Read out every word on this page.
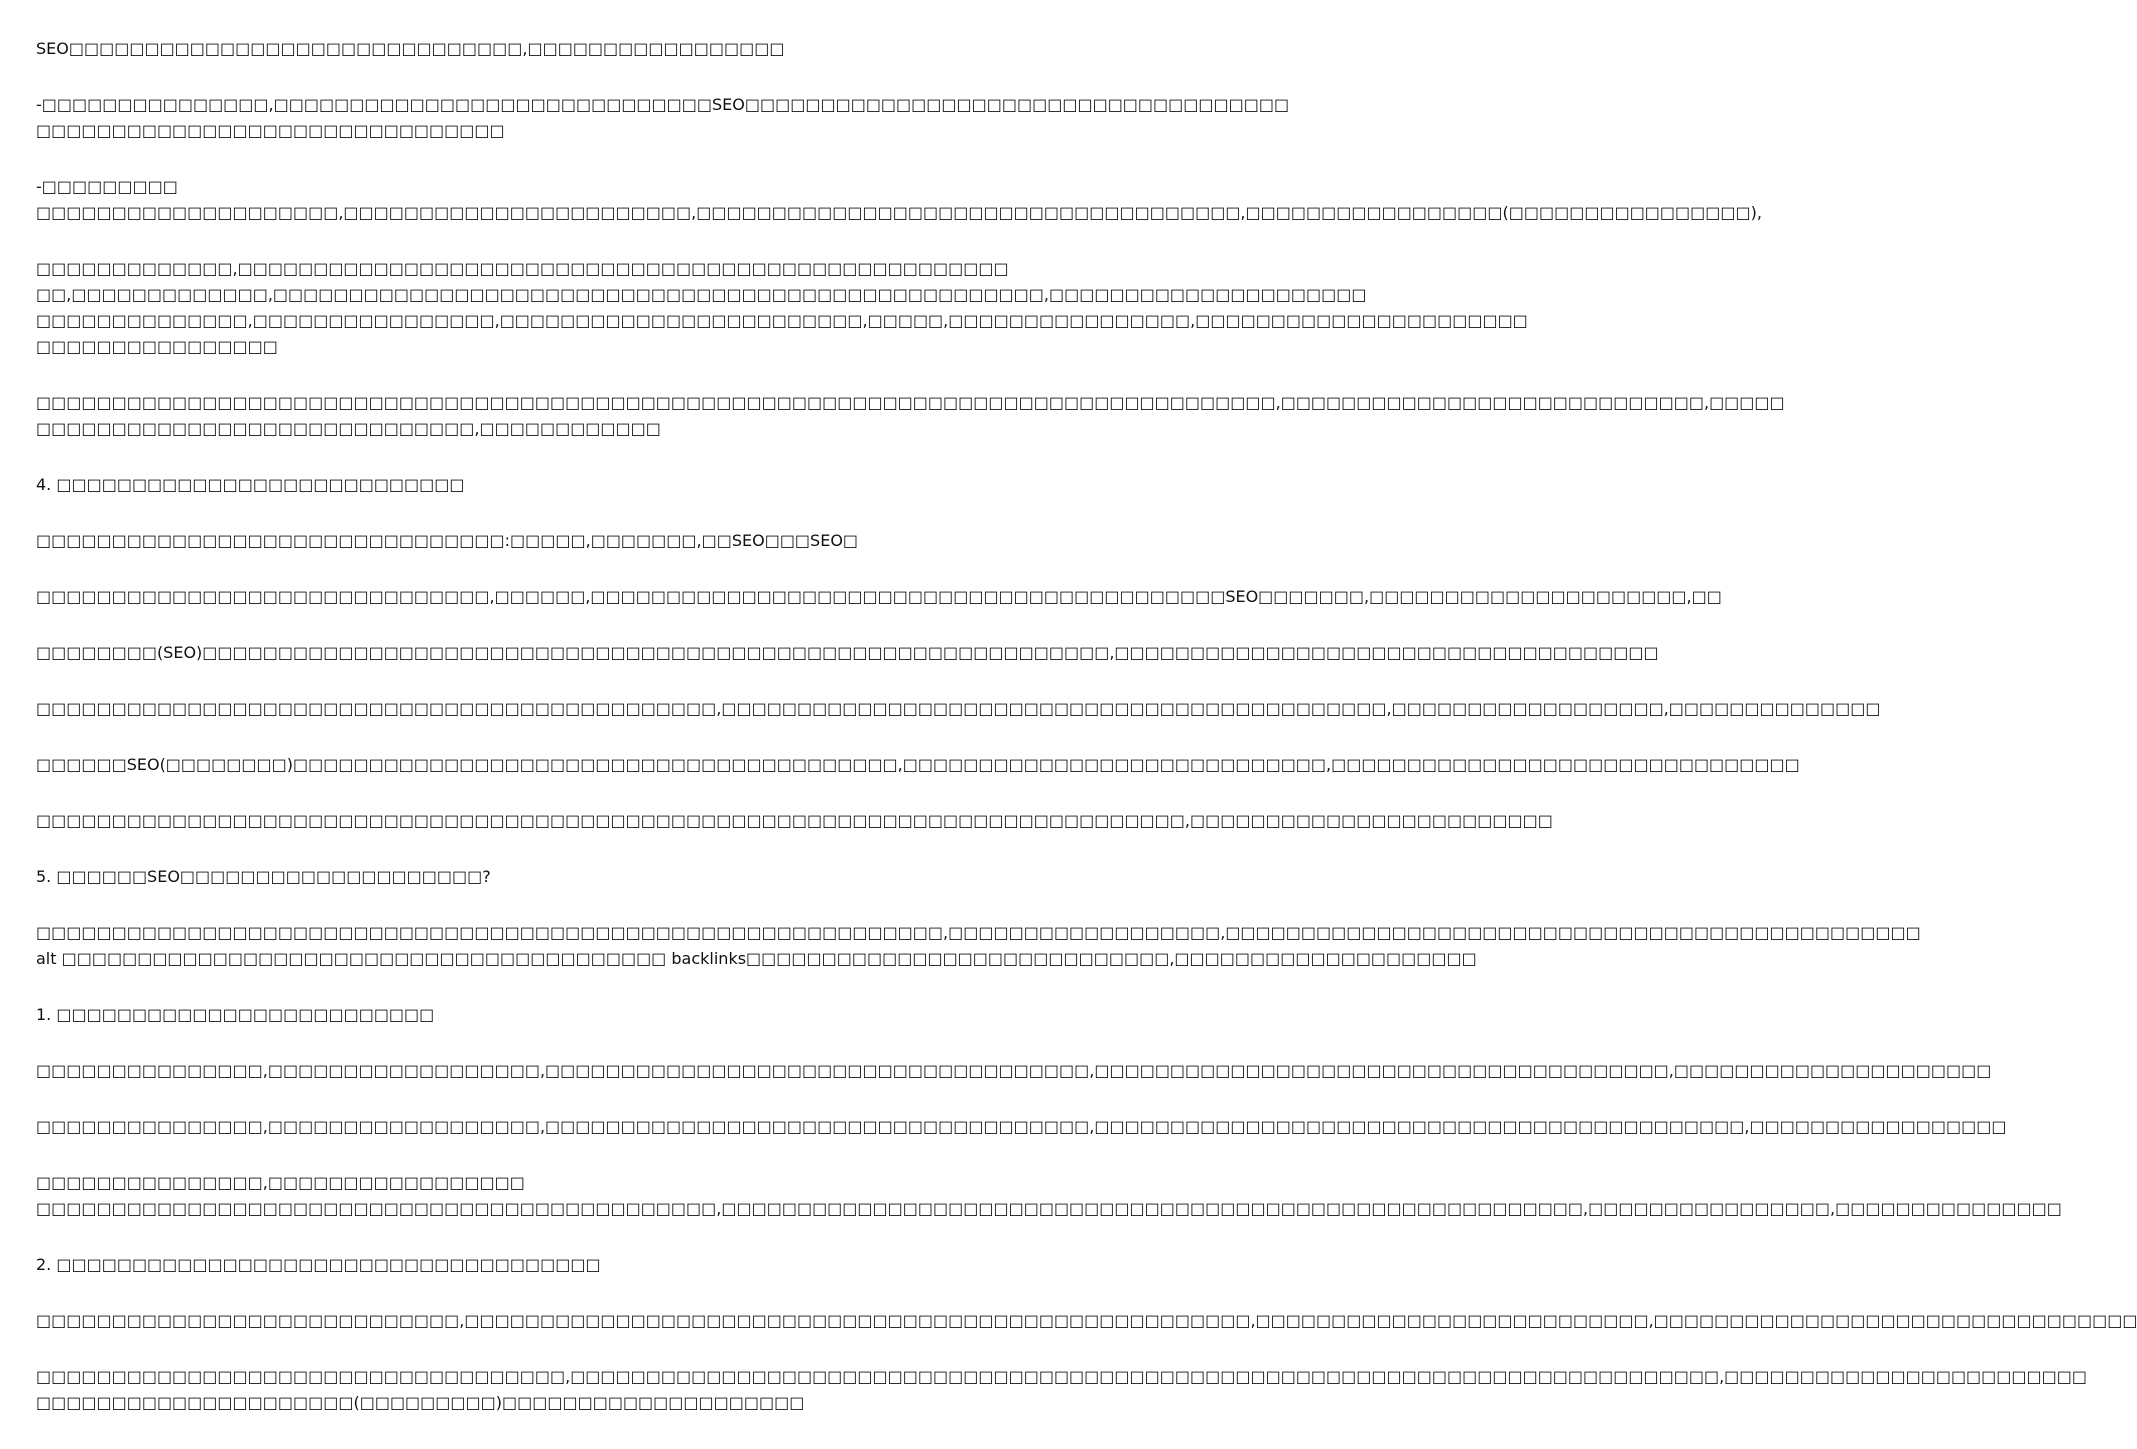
SEO□□□□□□□□□□□□□□□□□□□□□□□□□□□□□□,□□□□□□□□□□□□□□□□□
-□□□□□□□□□□□□□□□,□□□□□□□□□□□□□□□□□□□□□□□□□□□□□SEO□□□□□□□□□□□□□□□□□□□□□□□□□□□□□□□□□□□□
□□□□□□□□□□□□□□□□□□□□□□□□□□□□□□□
-□□□□□□□□□
□□□□□□□□□□□□□□□□□□□□,□□□□□□□□□□□□□□□□□□□□□□□,□□□□□□□□□□□□□□□□□□□□□□□□□□□□□□□□□□□□,□□□□□□□□□□□□□□□□□(□□□□□□□□□□□□□□□□),
□□□□□□□□□□□□□,□□□□□□□□□□□□□□□□□□□□□□□□□□□□□□□□□□□□□□□□□□□□□□□□□□□
□□,□□□□□□□□□□□□□,□□□□□□□□□□□□□□□□□□□□□□□□□□□□□□□□□□□□□□□□□□□□□□□□□□□,□□□□□□□□□□□□□□□□□□□□□
□□□□□□□□□□□□□□,□□□□□□□□□□□□□□□□,□□□□□□□□□□□□□□□□□□□□□□□□,□□□□□,□□□□□□□□□□□□□□□□,□□□□□□□□□□□□□□□□□□□□□□
□□□□□□□□□□□□□□□□
□□□□□□□□□□□□□□□□□□□□□□□□□□□□□□□□□□□□□□□□□□□□□□□□□□□□□□□□□□□□□□□□□□□□□□□□□□□□□□□□□□,□□□□□□□□□□□□□□□□□□□□□□□□□□□□,□□□□□
□□□□□□□□□□□□□□□□□□□□□□□□□□□□□,□□□□□□□□□□□□
4. □□□□□□□□□□□□□□□□□□□□□□□□□□□
□□□□□□□□□□□□□□□□□□□□□□□□□□□□□□□:□□□□□,□□□□□□□,□□SEO□□□SEO□
□□□□□□□□□□□□□□□□□□□□□□□□□□□□□□,□□□□□□,□□□□□□□□□□□□□□□□□□□□□□□□□□□□□□□□□□□□□□□□□□SEO□□□□□□□,□□□□□□□□□□□□□□□□□□□□□,□□
□□□□□□□□(SEO)□□□□□□□□□□□□□□□□□□□□□□□□□□□□□□□□□□□□□□□□□□□□□□□□□□□□□□□□□□□□,□□□□□□□□□□□□□□□□□□□□□□□□□□□□□□□□□□□□
□□□□□□□□□□□□□□□□□□□□□□□□□□□□□□□□□□□□□□□□□□□□□,□□□□□□□□□□□□□□□□□□□□□□□□□□□□□□□□□□□□□□□□□□□□,□□□□□□□□□□□□□□□□□□,□□□□□□□□□□□□□□
□□□□□□SEO(□□□□□□□□)□□□□□□□□□□□□□□□□□□□□□□□□□□□□□□□□□□□□□□□□,□□□□□□□□□□□□□□□□□□□□□□□□□□□□,□□□□□□□□□□□□□□□□□□□□□□□□□□□□□□□
□□□□□□□□□□□□□□□□□□□□□□□□□□□□□□□□□□□□□□□□□□□□□□□□□□□□□□□□□□□□□□□□□□□□□□□□□□□□,□□□□□□□□□□□□□□□□□□□□□□□□
5. □□□□□□SEO□□□□□□□□□□□□□□□□□□□□?
□□□□□□□□□□□□□□□□□□□□□□□□□□□□□□□□□□□□□□□□□□□□□□□□□□□□□□□□□□□□,□□□□□□□□□□□□□□□□□□,□□□□□□□□□□□□□□□□□□□□□□□□□□□□□□□□□□□□□□□□□□□□□□
alt □□□□□□□□□□□□□□□□□□□□□□□□□□□□□□□□□□□□□□□□ backlinks□□□□□□□□□□□□□□□□□□□□□□□□□□□□,□□□□□□□□□□□□□□□□□□□□
1. □□□□□□□□□□□□□□□□□□□□□□□□□
□□□□□□□□□□□□□□□,□□□□□□□□□□□□□□□□□□,□□□□□□□□□□□□□□□□□□□□□□□□□□□□□□□□□□□□,□□□□□□□□□□□□□□□□□□□□□□□□□□□□□□□□□□□□□□,□□□□□□□□□□□□□□□□□□□□□
□□□□□□□□□□□□□□□,□□□□□□□□□□□□□□□□□□,□□□□□□□□□□□□□□□□□□□□□□□□□□□□□□□□□□□□,□□□□□□□□□□□□□□□□□□□□□□□□□□□□□□□□□□□□□□□□□□□,□□□□□□□□□□□□□□□□□
□□□□□□□□□□□□□□□,□□□□□□□□□□□□□□□□□
□□□□□□□□□□□□□□□□□□□□□□□□□□□□□□□□□□□□□□□□□□□□□,□□□□□□□□□□□□□□□□□□□□□□□□□□□□□□□□□□□□□□□□□□□□□□□□□□□□□□□□□,□□□□□□□□□□□□□□□□,□□□□□□□□□□□□□□□
2. □□□□□□□□□□□□□□□□□□□□□□□□□□□□□□□□□□□□
□□□□□□□□□□□□□□□□□□□□□□□□□□□□,□□□□□□□□□□□□□□□□□□□□□□□□□□□□□□□□□□□□□□□□□□□□□□□□□□□□,□□□□□□□□□□□□□□□□□□□□□□□□□□,□□□□□□□□□□□□□□□□□□□□□□□□□□□□□□□□
□□□□□□□□□□□□□□□□□□□□□□□□□□□□□□□□□□□,□□□□□□□□□□□□□□□□□□□□□□□□□□□□□□□□□□□□□□□□□□□□□□□□□□□□□□□□□□□□□□□□□□□□□□□□□□□□,□□□□□□□□□□□□□□□□□□□□□□□□
□□□□□□□□□□□□□□□□□□□□□(□□□□□□□□□)□□□□□□□□□□□□□□□□□□□□
